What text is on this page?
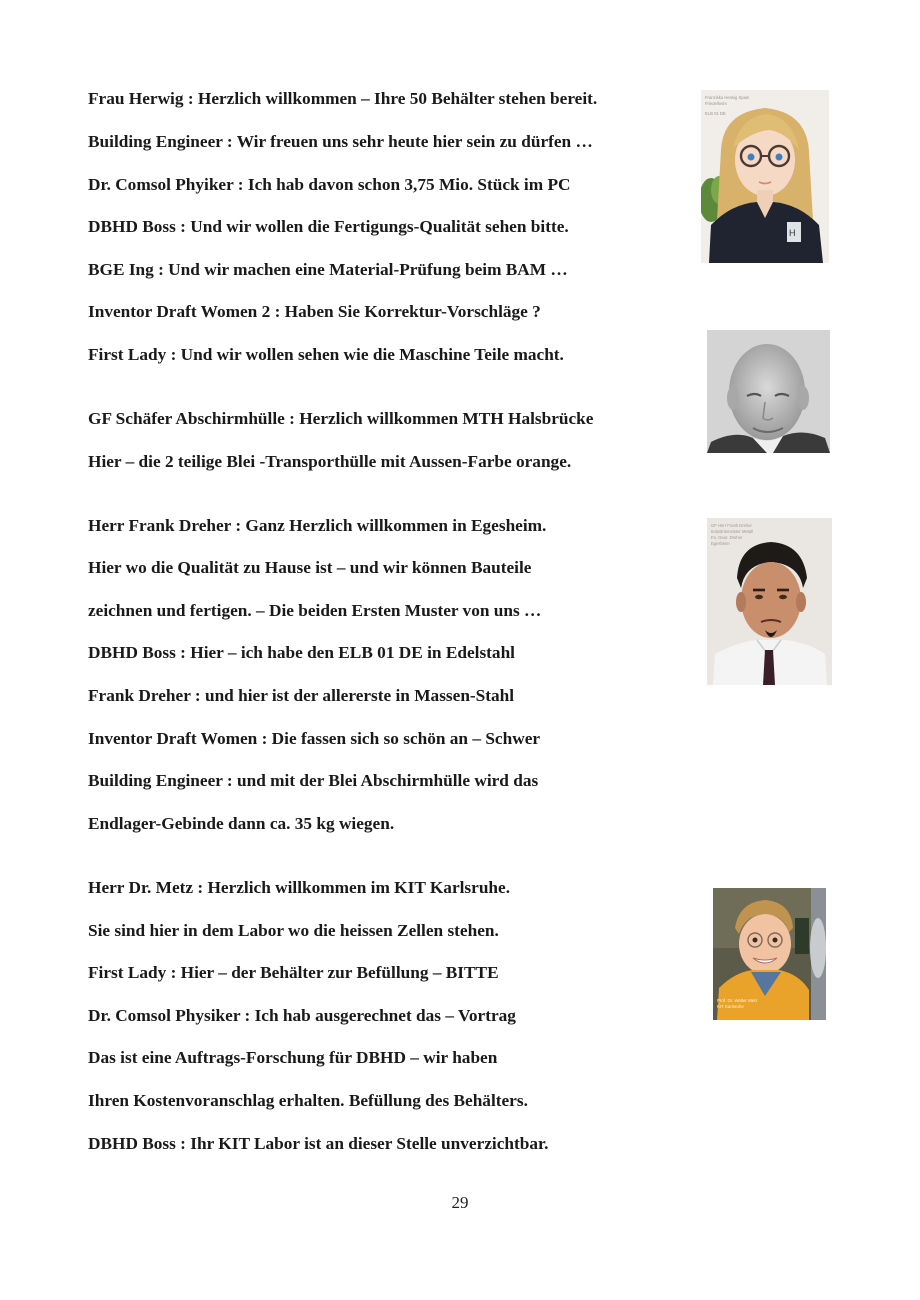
Frau Herwig : Herzlich willkommen – Ihre 50 Behälter stehen bereit.
Building Engineer : Wir freuen uns sehr heute hier sein zu dürfen …
Dr. Comsol Phyiker : Ich hab davon schon 3,75 Mio. Stück im PC
DBHD Boss : Und wir wollen die Fertigungs-Qualität sehen bitte.
BGE Ing : Und wir machen eine Material-Prüfung beim BAM …
Inventor Draft Women 2 : Haben Sie Korrektur-Vorschläge ?
First Lady : Und wir wollen sehen wie die Maschine Teile macht.
GF Schäfer Abschirmhülle : Herzlich willkommen MTH Halsbrücke
Hier – die 2 teilige Blei -Transporthülle mit Aussen-Farbe orange.
Herr Frank Dreher : Ganz Herzlich willkommen in Egesheim.
Hier wo die Qualität zu Hause ist – und wir können Bauteile
zeichnen und fertigen. – Die beiden Ersten Muster von uns …
DBHD Boss : Hier – ich habe den ELB 01 DE in Edelstahl
Frank Dreher : und hier ist der allererste in Massen-Stahl
Inventor Draft Women : Die fassen sich so schön an – Schwer
Building Engineer : und mit der Blei Abschirmhülle wird das
Endlager-Gebinde dann ca. 35 kg wiegen.
Herr Dr. Metz : Herzlich willkommen im KIT Karlsruhe.
Sie sind hier in dem Labor wo die heissen Zellen stehen.
First Lady : Hier – der Behälter zur Befüllung – BITTE
Dr. Comsol Physiker : Ich hab ausgerechnet das – Vortrag
Das ist eine Auftrags-Forschung für DBHD – wir haben
Ihren Kostenvoranschlag erhalten. Befüllung des Behälters.
DBHD Boss : Ihr KIT Labor ist an dieser Stelle unverzichtbar.
H
Franziska Herwig Spain
Friedelheim
ELB 01 DE
GF Herr Frank Dreher
Industriemeister Metall
Fa. Geor. Dreher
Egesheim
Prof. Dr. Walter Metz
KIT Karlsruhe
29
